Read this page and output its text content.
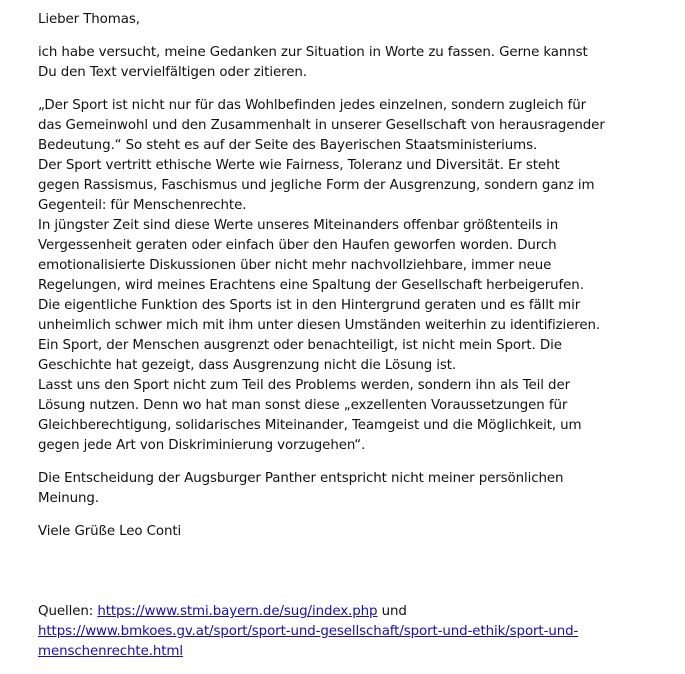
Lieber Thomas,

ich habe versucht, meine Gedanken zur Situation in Worte zu fassen. Gerne kannst
Du den Text vervielfältigen oder zitieren.

„Der Sport ist nicht nur für das Wohlbefinden jedes einzelnen, sondern zugleich für
das Gemeinwohl und den Zusammenhalt in unserer Gesellschaft von herausragender
Bedeutung.“ So steht es auf der Seite des Bayerischen Staatsministeriums.
Der Sport vertritt ethische Werte wie Fairness, Toleranz und Diversität. Er steht
gegen Rassismus, Faschismus und jegliche Form der Ausgrenzung, sondern ganz im
Gegenteil: für Menschenrechte.
In jüngster Zeit sind diese Werte unseres Miteinanders offenbar größtenteils in
Vergessenheit geraten oder einfach über den Haufen geworfen worden. Durch
emotionalisierte Diskussionen über nicht mehr nachvollziehbare, immer neue
Regelungen, wird meines Erachtens eine Spaltung der Gesellschaft herbeigerufen.
Die eigentliche Funktion des Sports ist in den Hintergrund geraten und es fällt mir
unheimlich schwer mich mit ihm unter diesen Umständen weiterhin zu identifizieren.
Ein Sport, der Menschen ausgrenzt oder benachteiligt, ist nicht mein Sport. Die
Geschichte hat gezeigt, dass Ausgrenzung nicht die Lösung ist.
Lasst uns den Sport nicht zum Teil des Problems werden, sondern ihn als Teil der
Lösung nutzen. Denn wo hat man sonst diese „exzellenten Voraussetzungen für
Gleichberechtigung, solidarisches Miteinander, Teamgeist und die Möglichkeit, um
gegen jede Art von Diskriminierung vorzugehen“.

Die Entscheidung der Augsburger Panther entspricht nicht meiner persönlichen
Meinung.

Viele Grüße Leo Conti

Quellen: https://www.stmi.bayern.de/sug/index.php und
https://www.bmkoes.gv.at/sport/sport-und-gesellschaft/sport-und-ethik/sport-und-
menschenrechte.html
